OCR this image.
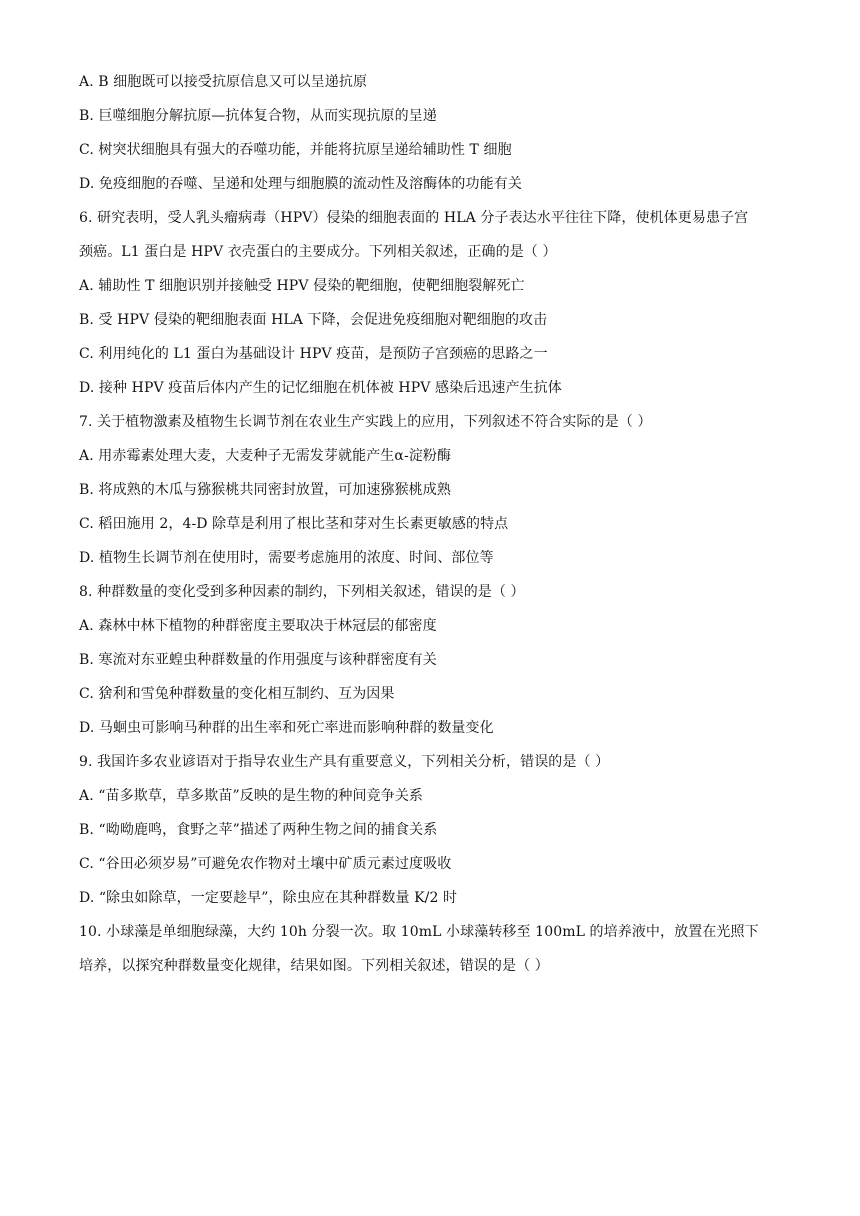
A. B 细胞既可以接受抗原信息又可以呈递抗原
B. 巨噬细胞分解抗原—抗体复合物，从而实现抗原的呈递
C. 树突状细胞具有强大的吞噬功能，并能将抗原呈递给辅助性 T 细胞
D. 免疫细胞的吞噬、呈递和处理与细胞膜的流动性及溶酶体的功能有关
6. 研究表明，受人乳头瘤病毒（HPV）侵染的细胞表面的 HLA 分子表达水平往往下降，使机体更易患子宫
颈癌。L1 蛋白是 HPV 衣壳蛋白的主要成分。下列相关叙述，正确的是（ ）
A. 辅助性 T 细胞识别并接触受 HPV 侵染的靶细胞，使靶细胞裂解死亡
B. 受 HPV 侵染的靶细胞表面 HLA 下降，会促进免疫细胞对靶细胞的攻击
C. 利用纯化的 L1 蛋白为基础设计 HPV 疫苗，是预防子宫颈癌的思路之一
D. 接种 HPV 疫苗后体内产生的记忆细胞在机体被 HPV 感染后迅速产生抗体
7. 关于植物激素及植物生长调节剂在农业生产实践上的应用，下列叙述不符合实际的是（ ）
A. 用赤霉素处理大麦，大麦种子无需发芽就能产生α-淀粉酶
B. 将成熟的木瓜与猕猴桃共同密封放置，可加速猕猴桃成熟
C. 稻田施用 2，4-D 除草是利用了根比茎和芽对生长素更敏感的特点
D. 植物生长调节剂在使用时，需要考虑施用的浓度、时间、部位等
8. 种群数量的变化受到多种因素的制约，下列相关叙述，错误的是（ ）
A. 森林中林下植物的种群密度主要取决于林冠层的郁密度
B. 寒流对东亚蝗虫种群数量的作用强度与该种群密度有关
C. 猞利和雪兔种群数量的变化相互制约、互为因果
D. 马蛔虫可影响马种群的出生率和死亡率进而影响种群的数量变化
9. 我国许多农业谚语对于指导农业生产具有重要意义，下列相关分析，错误的是（ ）
A. “苗多欺草，草多欺苗”反映的是生物的种间竞争关系
B. “呦呦鹿鸣，食野之苹”描述了两种生物之间的捕食关系
C. “谷田必须岁易”可避免农作物对土壤中矿质元素过度吸收
D. “除虫如除草，一定要趁早”，除虫应在其种群数量 K/2 时
10. 小球藻是单细胞绿藻，大约 10h 分裂一次。取 10mL 小球藻转移至 100mL 的培养液中，放置在光照下
培养，以探究种群数量变化规律，结果如图。下列相关叙述，错误的是（ ）
